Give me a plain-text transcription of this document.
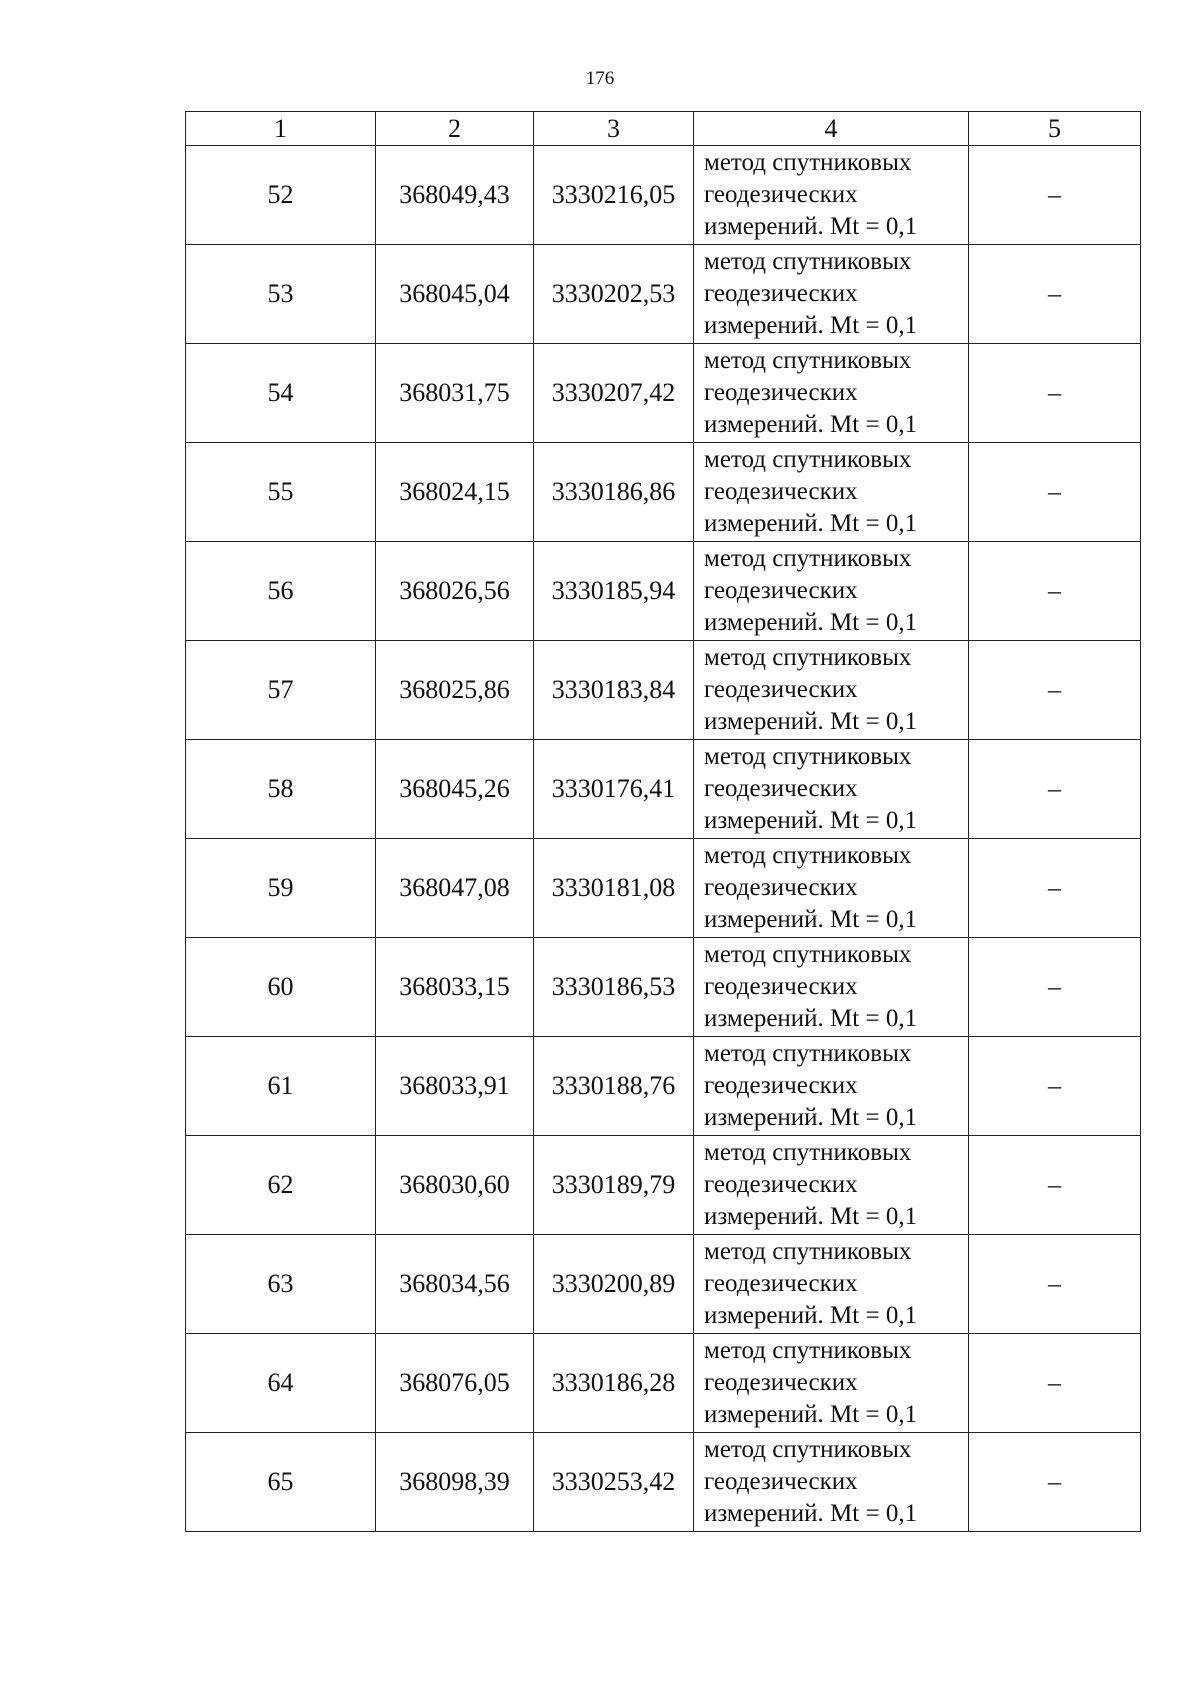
176
1	2	3	4	5
52	368049,43	3330216,05	метод спутниковых
геодезических
измерений. Mt = 0,1	–
53	368045,04	3330202,53	метод спутниковых
геодезических
измерений. Mt = 0,1	–
54	368031,75	3330207,42	метод спутниковых
геодезических
измерений. Mt = 0,1	–
55	368024,15	3330186,86	метод спутниковых
геодезических
измерений. Mt = 0,1	–
56	368026,56	3330185,94	метод спутниковых
геодезических
измерений. Mt = 0,1	–
57	368025,86	3330183,84	метод спутниковых
геодезических
измерений. Mt = 0,1	–
58	368045,26	3330176,41	метод спутниковых
геодезических
измерений. Mt = 0,1	–
59	368047,08	3330181,08	метод спутниковых
геодезических
измерений. Mt = 0,1	–
60	368033,15	3330186,53	метод спутниковых
геодезических
измерений. Mt = 0,1	–
61	368033,91	3330188,76	метод спутниковых
геодезических
измерений. Mt = 0,1	–
62	368030,60	3330189,79	метод спутниковых
геодезических
измерений. Mt = 0,1	–
63	368034,56	3330200,89	метод спутниковых
геодезических
измерений. Mt = 0,1	–
64	368076,05	3330186,28	метод спутниковых
геодезических
измерений. Mt = 0,1	–
65	368098,39	3330253,42	метод спутниковых
геодезических
измерений. Mt = 0,1	–
